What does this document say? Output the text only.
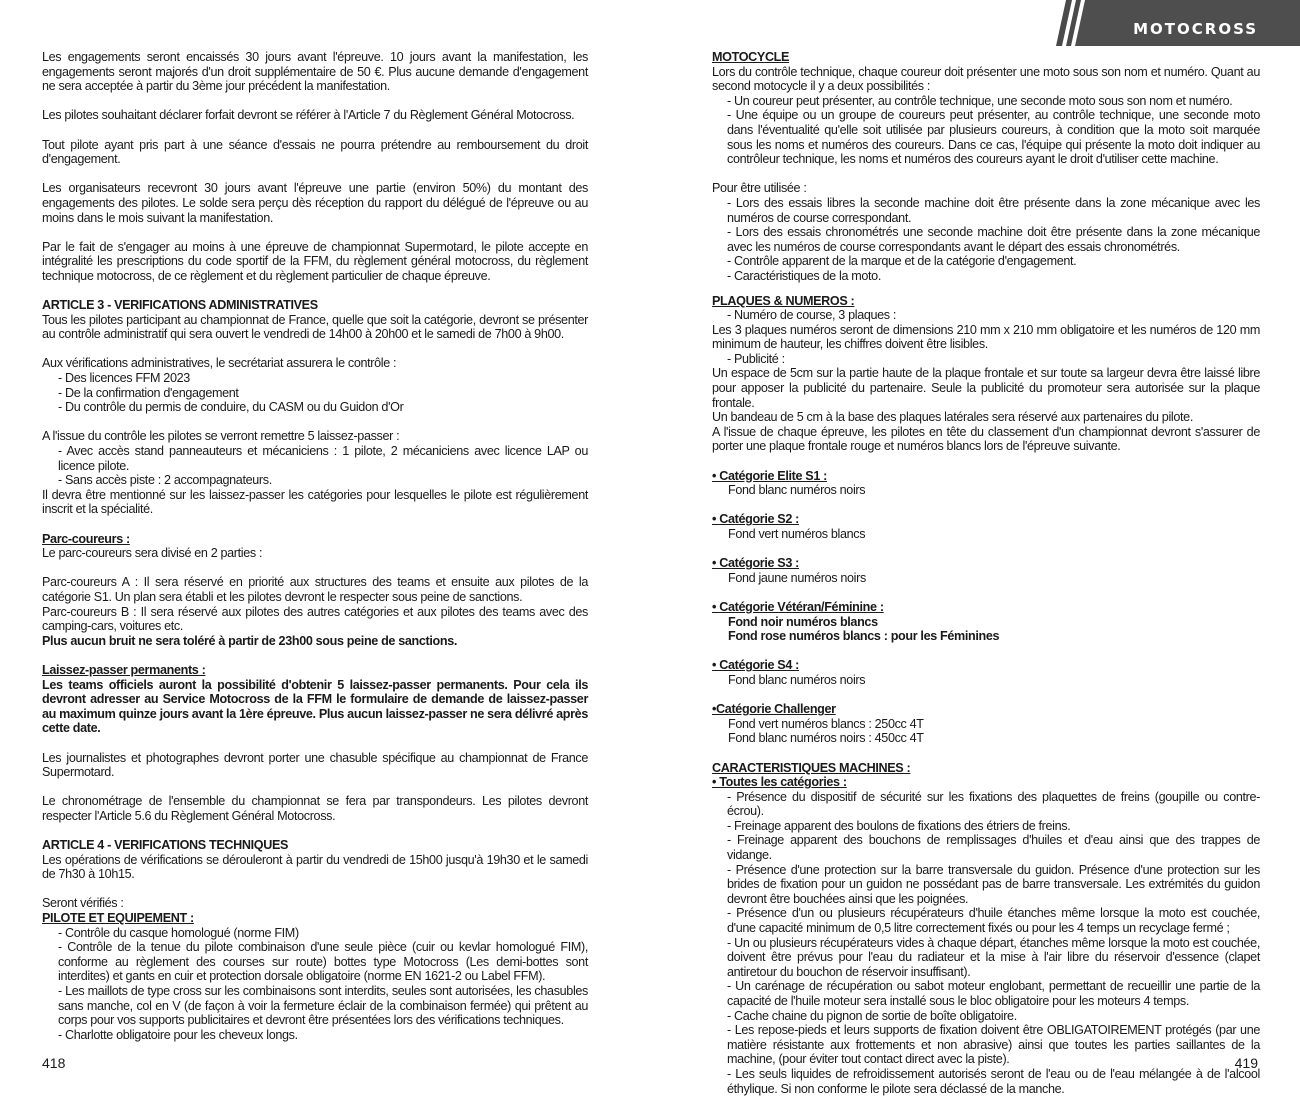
Les engagements seront encaissés 30 jours avant l'épreuve. 10 jours avant la manifestation, les engagements seront majorés d'un droit supplémentaire de 50 €. Plus aucune demande d'engagement ne sera acceptée à partir du 3ème jour précédent la manifestation.

Les pilotes souhaitant déclarer forfait devront se référer à l'Article 7 du Règlement Général Motocross.

Tout pilote ayant pris part à une séance d'essais ne pourra prétendre au remboursement du droit d'engagement.

Les organisateurs recevront 30 jours avant l'épreuve une partie (environ 50%) du montant des engagements des pilotes. Le solde sera perçu dès réception du rapport du délégué de l'épreuve ou au moins dans le mois suivant la manifestation.

Par le fait de s'engager au moins à une épreuve de championnat Supermotard, le pilote accepte en intégralité les prescriptions du code sportif de la FFM, du règlement général motocross, du règlement technique motocross, de ce règlement et du règlement particulier de chaque épreuve.

ARTICLE 3 - VERIFICATIONS ADMINISTRATIVES

Tous les pilotes participant au championnat de France, quelle que soit la catégorie, devront se présenter au contrôle administratif qui sera ouvert le vendredi de 14h00 à 20h00 et le samedi de 7h00 à 9h00.

Aux vérifications administratives, le secrétariat assurera le contrôle :

- Des licences FFM 2023
- De la confirmation d'engagement
- Du contrôle du permis de conduire, du CASM ou du Guidon d'Or

A l'issue du contrôle les pilotes se verront remettre 5 laissez-passer :

- Avec accès stand panneauteurs et mécaniciens : 1 pilote, 2 mécaniciens avec licence LAP ou licence pilote.
- Sans accès piste : 2 accompagnateurs.

Il devra être mentionné sur les laissez-passer les catégories pour lesquelles le pilote est régulièrement inscrit et la spécialité.

Parc-coureurs :

Le parc-coureurs sera divisé en 2 parties :

Parc-coureurs A : Il sera réservé en priorité aux structures des teams et ensuite aux pilotes de la catégorie S1. Un plan sera établi et les pilotes devront le respecter sous peine de sanctions.

Parc-coureurs B : Il sera réservé aux pilotes des autres catégories et aux pilotes des teams avec des camping-cars, voitures etc.

Plus aucun bruit ne sera toléré à partir de 23h00 sous peine de sanctions.

Laissez-passer permanents :

Les teams officiels auront la possibilité d'obtenir 5 laissez-passer permanents. Pour cela ils devront adresser au Service Motocross de la FFM le formulaire de demande de laissez-passer au maximum quinze jours avant la 1ère épreuve. Plus aucun laissez-passer ne sera délivré après cette date.

Les journalistes et photographes devront porter une chasuble spécifique au championnat de France Supermotard.

Le chronométrage de l'ensemble du championnat se fera par transpondeurs. Les pilotes devront respecter l'Article 5.6 du Règlement Général Motocross.

ARTICLE 4 - VERIFICATIONS TECHNIQUES

Les opérations de vérifications se dérouleront à partir du vendredi de 15h00 jusqu'à 19h30 et le samedi de 7h30 à 10h15.

Seront vérifiés :

PILOTE ET EQUIPEMENT :

- Contrôle du casque homologué (norme FIM)
- Contrôle de la tenue du pilote combinaison d'une seule pièce (cuir ou kevlar homologué FIM), conforme au règlement des courses sur route) bottes type Motocross (Les demi-bottes sont interdites) et gants en cuir et protection dorsale obligatoire (norme EN 1621-2 ou Label FFM).
- Les maillots de type cross sur les combinaisons sont interdits, seules sont autorisées, les chasubles sans manche, col en V (de façon à voir la fermeture éclair de la combinaison fermée) qui prêtent au corps pour vos supports publicitaires et devront être présentées lors des vérifications techniques.
- Charlotte obligatoire pour les cheveux longs.
418
MOTOCROSS

MOTOCYCLE

Lors du contrôle technique, chaque coureur doit présenter une moto sous son nom et numéro. Quant au second motocycle il y a deux possibilités :

- Un coureur peut présenter, au contrôle technique, une seconde moto sous son nom et numéro.
- Une équipe ou un groupe de coureurs peut présenter, au contrôle technique, une seconde moto dans l'éventualité qu'elle soit utilisée par plusieurs coureurs, à condition que la moto soit marquée sous les noms et numéros des coureurs. Dans ce cas, l'équipe qui présente la moto doit indiquer au contrôleur technique, les noms et numéros des coureurs ayant le droit d'utiliser cette machine.

Pour être utilisée :

- Lors des essais libres la seconde machine doit être présente dans la zone mécanique avec les numéros de course correspondant.
- Lors des essais chronométrés une seconde machine doit être présente dans la zone mécanique avec les numéros de course correspondants avant le départ des essais chronométrés.
- Contrôle apparent de la marque et de la catégorie d'engagement.
- Caractéristiques de la moto.

PLAQUES & NUMEROS :

- Numéro de course, 3 plaques :

Les 3 plaques numéros seront de dimensions 210 mm x 210 mm obligatoire et les numéros de 120 mm minimum de hauteur, les chiffres doivent être lisibles.

- Publicité :

Un espace de 5cm sur la partie haute de la plaque frontale et sur toute sa largeur devra être laissé libre pour apposer la publicité du partenaire. Seule la publicité du promoteur sera autorisée sur la plaque frontale.

Un bandeau de 5 cm à la base des plaques latérales sera réservé aux partenaires du pilote.

A l'issue de chaque épreuve, les pilotes en tête du classement d'un championnat devront s'assurer de porter une plaque frontale rouge et numéros blancs lors de l'épreuve suivante.

• Catégorie Elite S1 :
Fond blanc numéros noirs
• Catégorie S2 :
Fond vert numéros blancs
• Catégorie S3 :
Fond jaune numéros noirs
• Catégorie Vétéran/Féminine :
Fond noir numéros blancs
Fond rose numéros blancs : pour les Féminines
• Catégorie S4 :
Fond blanc numéros noirs
•Catégorie Challenger
Fond vert numéros blancs : 250cc 4T
Fond blanc numéros noirs : 450cc 4T

CARACTERISTIQUES MACHINES :

• Toutes les catégories :

- Présence du dispositif de sécurité sur les fixations des plaquettes de freins (goupille ou contre-écrou).
- Freinage apparent des boulons de fixations des étriers de freins.
- Freinage apparent des bouchons de remplissages d'huiles et d'eau ainsi que des trappes de vidange.
- Présence d'une protection sur la barre transversale du guidon. Présence d'une protection sur les brides de fixation pour un guidon ne possédant pas de barre transversale. Les extrémités du guidon devront être bouchées ainsi que les poignées.
- Présence d'un ou plusieurs récupérateurs d'huile étanches même lorsque la moto est couchée, d'une capacité minimum de 0,5 litre correctement fixés ou pour les 4 temps un recyclage fermé ;
- Un ou plusieurs récupérateurs vides à chaque départ, étanches même lorsque la moto est couchée, doivent être prévus pour l'eau du radiateur et la mise à l'air libre du réservoir d'essence (clapet antiretour du bouchon de réservoir insuffisant).
- Un carénage de récupération ou sabot moteur englobant, permettant de recueillir une partie de la capacité de l'huile moteur sera installé sous le bloc obligatoire pour les moteurs 4 temps.
- Cache chaine du pignon de sortie de boîte obligatoire.
- Les repose-pieds et leurs supports de fixation doivent être OBLIGATOIREMENT protégés (par une matière résistante aux frottements et non abrasive) ainsi que toutes les parties saillantes de la machine, (pour éviter tout contact direct avec la piste).
- Les seuls liquides de refroidissement autorisés seront de l'eau ou de l'eau mélangée à de l'alcool éthylique. Si non conforme le pilote sera déclassé de la manche.
419
